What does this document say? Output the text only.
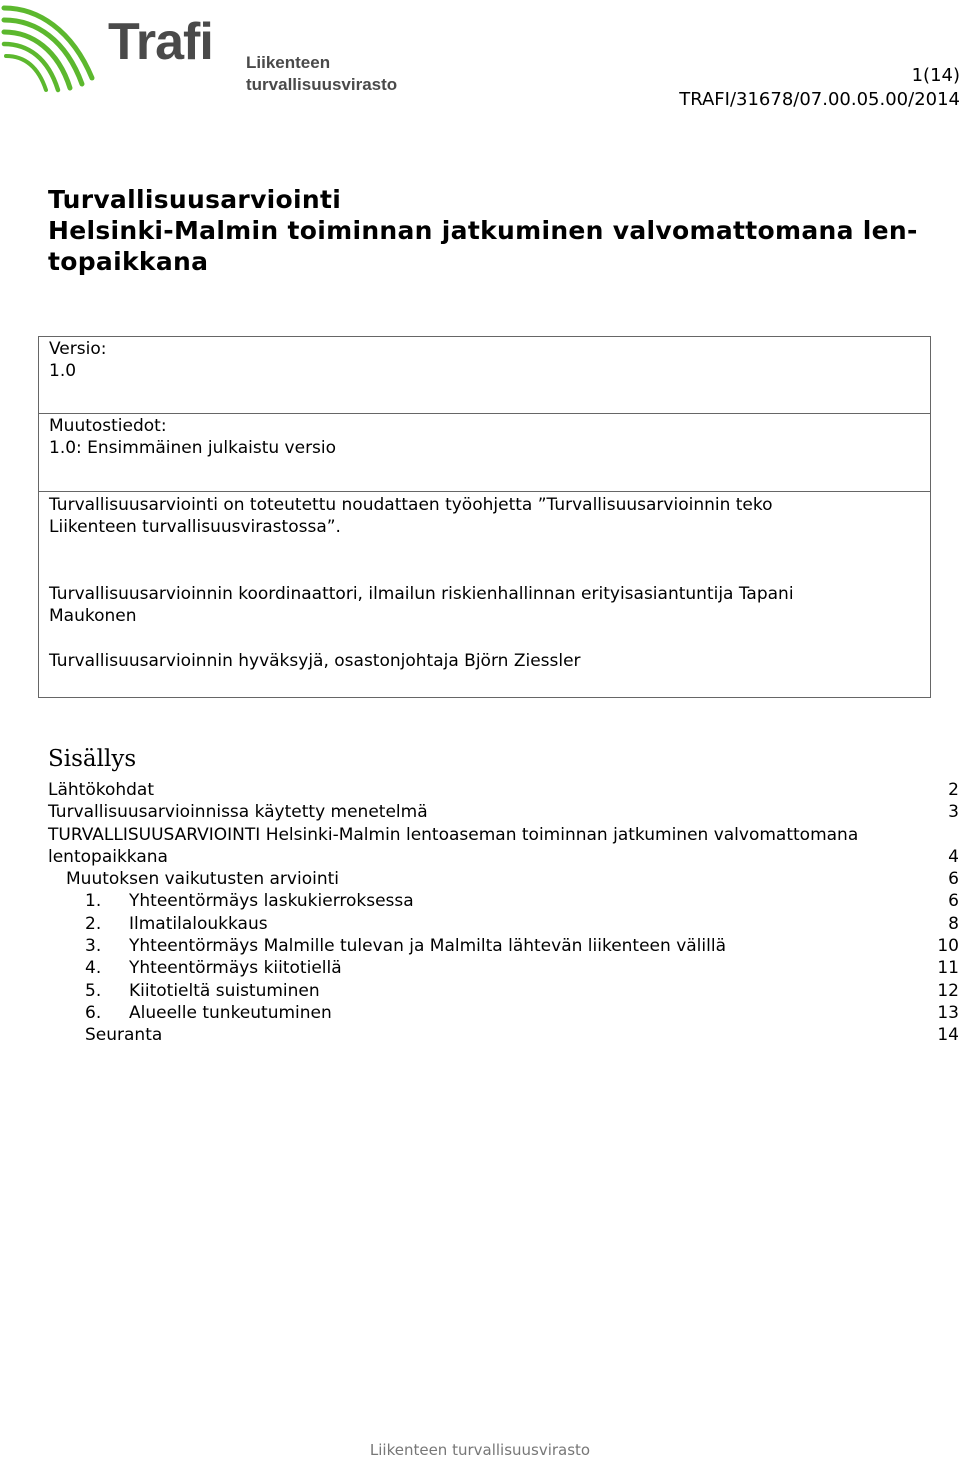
Trafi Liikenteen turvallisuusvirasto	1(14)
TRAFI/31678/07.00.05.00/2014
Turvallisuusarviointi
Helsinki-Malmin toiminnan jatkuminen valvomattomana len-
topaikkana
Versio:
1.0
Muutostiedot:
1.0: Ensimmäinen julkaistu versio
Turvallisuusarviointi on toteutettu noudattaen työohjetta ”Turvallisuusarvioinnin teko
Liikenteen turvallisuusvirastossa”.
Turvallisuusarvioinnin koordinaattori, ilmailun riskienhallinnan erityisasiantuntija Tapani
Maukonen
Turvallisuusarvioinnin hyväksyjä, osastonjohtaja Björn Ziessler
Sisällys
Lähtökohdat	2
Turvallisuusarvioinnissa käytetty menetelmä	3
TURVALLISUUSARVIOINTI Helsinki-Malmin lentoaseman toiminnan jatkuminen valvomattomana
lentopaikkana	4
Muutoksen vaikutusten arviointi	6
1.	Yhteentörmäys laskukierroksessa	6
2.	Ilmatilaloukkaus	8
3.	Yhteentörmäys Malmille tulevan ja Malmilta lähtevän liikenteen välillä	10
4.	Yhteentörmäys kiitotiellä	11
5.	Kiitotieltä suistuminen	12
6.	Alueelle tunkeutuminen	13
Seuranta	14
Liikenteen turvallisuusvirasto
